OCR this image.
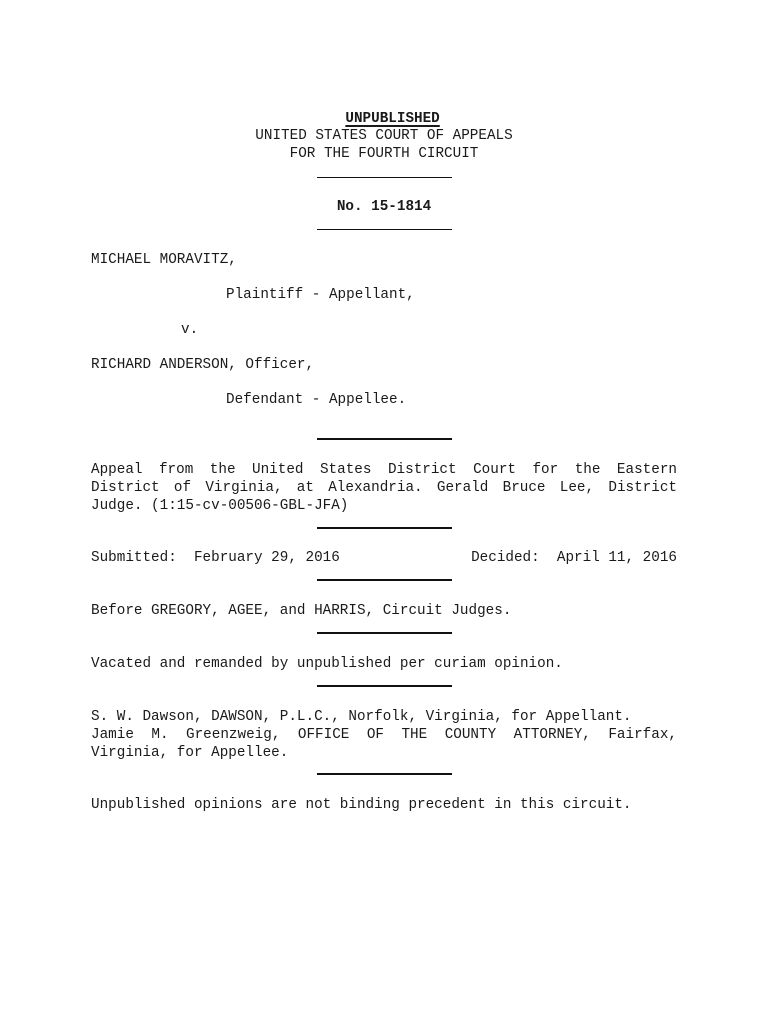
UNPUBLISHED

UNITED STATES COURT OF APPEALS
FOR THE FOURTH CIRCUIT
No. 15-1814
MICHAEL MORAVITZ,
Plaintiff - Appellant,
v.
RICHARD ANDERSON, Officer,
Defendant - Appellee.
Appeal from the United States District Court for the Eastern District of Virginia, at Alexandria. Gerald Bruce Lee, District Judge. (1:15-cv-00506-GBL-JFA)
Submitted:  February 29, 2016	Decided:  April 11, 2016
Before GREGORY, AGEE, and HARRIS, Circuit Judges.
Vacated and remanded by unpublished per curiam opinion.
S. W. Dawson, DAWSON, P.L.C., Norfolk, Virginia, for Appellant.
Jamie M. Greenzweig, OFFICE OF THE COUNTY ATTORNEY, Fairfax, Virginia, for Appellee.
Unpublished opinions are not binding precedent in this circuit.
